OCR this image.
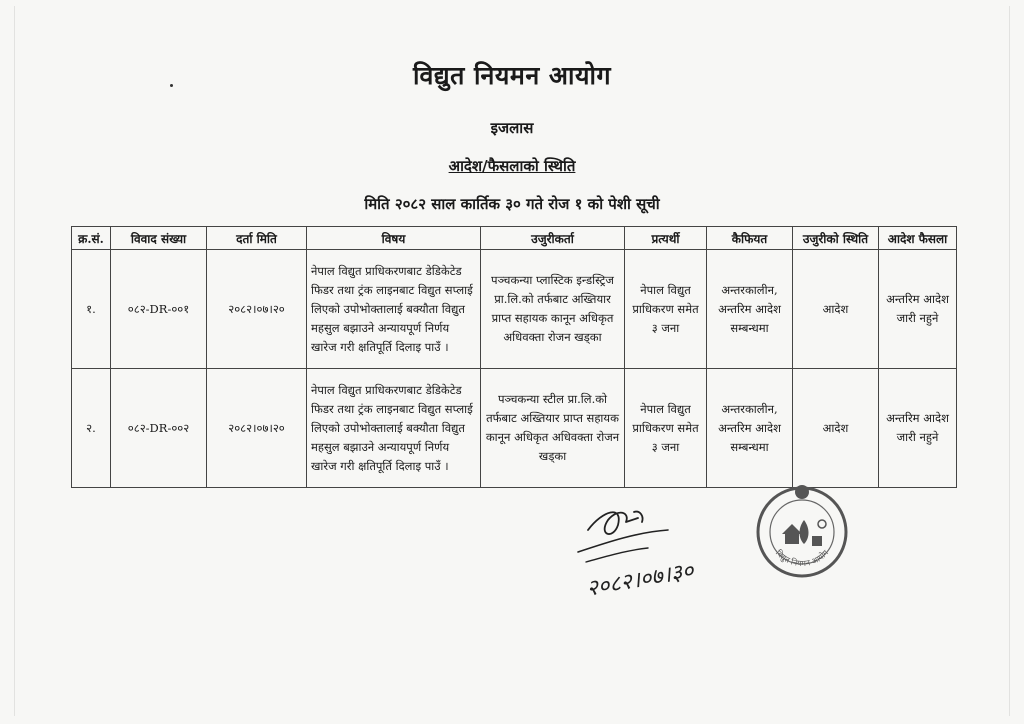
विद्युत नियमन आयोग
इजलास
आदेश/फैसलाको स्थिति
मिति २०८२ साल कार्तिक ३० गते रोज १ को पेशी सूची
क्र.सं.	विवाद संख्या	दर्ता मिति	विषय	उजुरीकर्ता	प्रत्यर्थी	कैफियत	उजुरीको स्थिति	आदेश फैसला
१.	०८२-DR-००१	२०८२।०७।२०	नेपाल विद्युत प्राधिकरणबाट डेडिकेटेड फिडर तथा ट्रंक लाइनबाट विद्युत सप्लाई लिएको उपोभोक्तालाई बक्यौता विद्युत महसुल बझाउने अन्यायपूर्ण निर्णय खारेज गरी क्षतिपूर्ति दिलाइ पाउँ ।	पञ्चकन्या प्लास्टिक इन्डस्ट्रिज प्रा.लि.को तर्फबाट अख्तियार प्राप्त सहायक कानून अधिकृत अधिवक्ता रोजन खड्का	नेपाल विद्युत प्राधिकरण समेत ३ जना	अन्तरकालीन, अन्तरिम आदेश सम्बन्धमा	आदेश	अन्तरिम आदेश जारी नहुने
२.	०८२-DR-००२	२०८२।०७।२०	नेपाल विद्युत प्राधिकरणबाट डेडिकेटेड फिडर तथा ट्रंक लाइनबाट विद्युत सप्लाई लिएको उपोभोक्तालाई बक्यौता विद्युत महसुल बझाउने अन्यायपूर्ण निर्णय खारेज गरी क्षतिपूर्ति दिलाइ पाउँ ।	पञ्चकन्या स्टील प्रा.लि.को तर्फबाट अख्तियार प्राप्त सहायक कानून अधिकृत अधिवक्ता रोजन खड्का	नेपाल विद्युत प्राधिकरण समेत ३ जना	अन्तरकालीन, अन्तरिम आदेश सम्बन्धमा	आदेश	अन्तरिम आदेश जारी नहुने
२०८२।०७।३०
विद्युत नियमन आयोग
